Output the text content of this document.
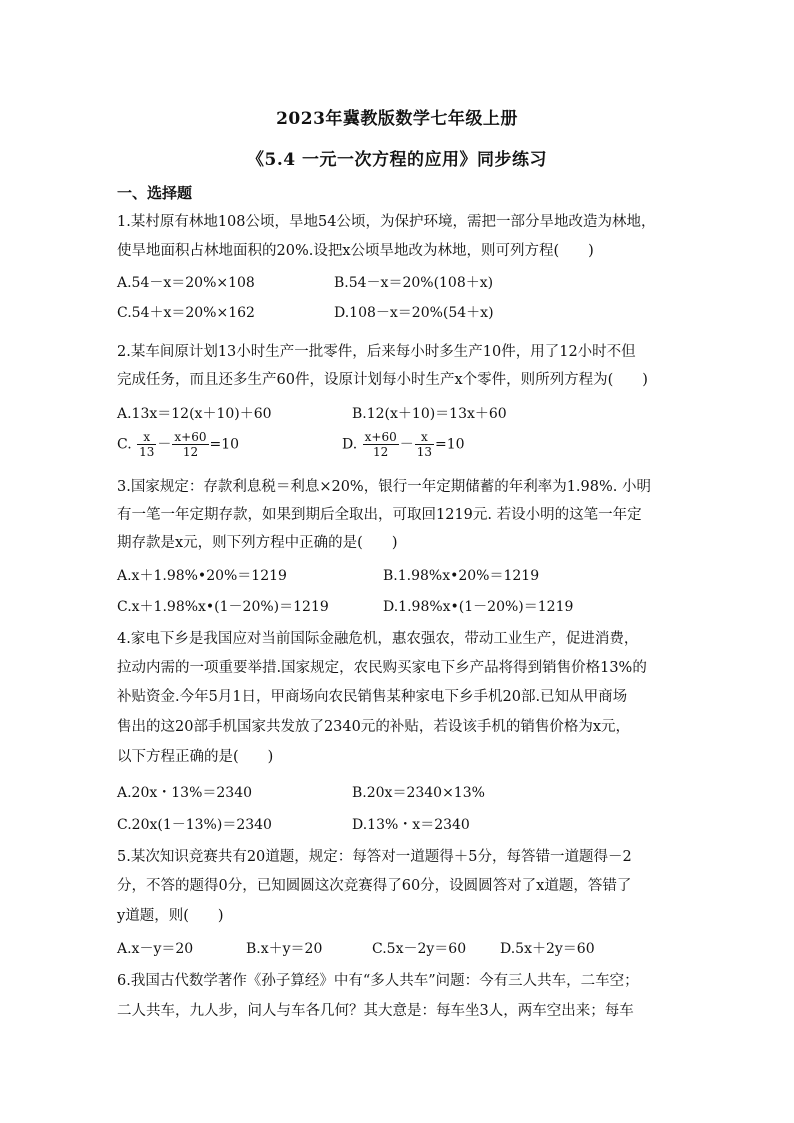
2023年冀教版数学七年级上册
《5.4 一元一次方程的应用》同步练习
一、选择题
1.某村原有林地108公顷，旱地54公顷，为保护环境，需把一部分旱地改造为林地，
使旱地面积占林地面积的20%.设把x公顷旱地改为林地，则可列方程(　　)
A.54－x＝20%×108	B.54－x＝20%(108＋x)
C.54＋x＝20%×162	D.108－x＝20%(54＋x)
2.某车间原计划13小时生产一批零件，后来每小时多生产10件，用了12小时不但
完成任务，而且还多生产60件，设原计划每小时生产x个零件，则所列方程为(　　)
A.13x＝12(x＋10)＋60	B.12(x＋10)＝13x＋60
C. $\frac{x}{13} - \frac{x+60}{12} =10$	D. $\frac{x+60}{12} - \frac{x}{13} =10$
3.国家规定：存款利息税＝利息×20%，银行一年定期储蓄的年利率为1.98%. 小明
有一笔一年定期存款，如果到期后全取出，可取回1219元. 若设小明的这笔一年定
期存款是x元，则下列方程中正确的是(　　)
A.x＋1.98%•20%＝1219	B.1.98%x•20%＝1219
C.x＋1.98%x•(1－20%)＝1219	D.1.98%x•(1－20%)＝1219
4.家电下乡是我国应对当前国际金融危机，惠农强农，带动工业生产，促进消费，
拉动内需的一项重要举措.国家规定，农民购买家电下乡产品将得到销售价格13%的
补贴资金.今年5月1日，甲商场向农民销售某种家电下乡手机20部.已知从甲商场
售出的这20部手机国家共发放了2340元的补贴，若设该手机的销售价格为x元，
以下方程正确的是(　　)
A.20x・13%＝2340	B.20x＝2340×13%
C.20x(1－13%)＝2340	D.13%・x＝2340
5.某次知识竞赛共有20道题，规定：每答对一道题得＋5分，每答错一道题得－2
分，不答的题得0分，已知圆圆这次竞赛得了60分，设圆圆答对了x道题，答错了
y道题，则(　　)
A.x－y＝20	B.x＋y＝20	C.5x－2y＝60 D.5x＋2y＝60
6.我国古代数学著作《孙子算经》中有“多人共车”问题：今有三人共车，二车空；
二人共车，九人步，问人与车各几何？其大意是：每车坐3人，两车空出来；每车
